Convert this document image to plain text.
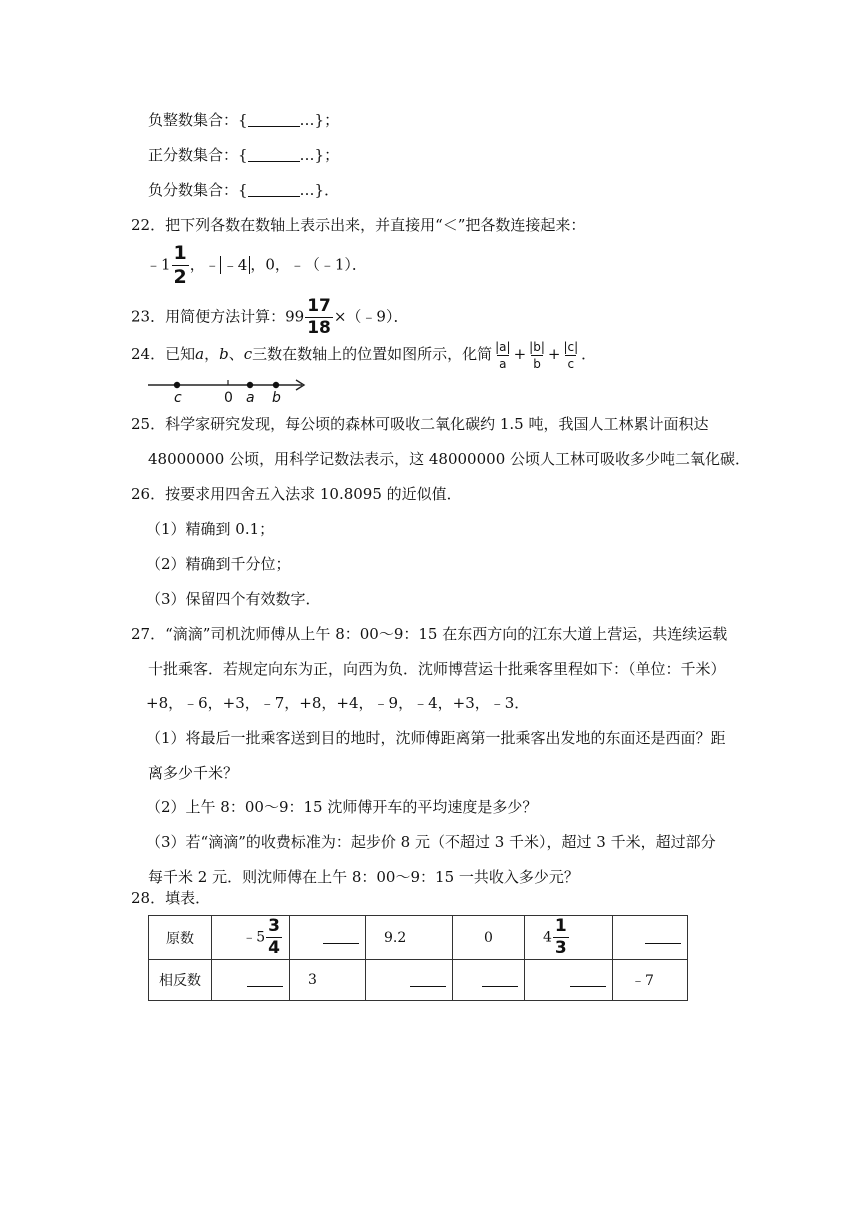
负整数集合：{	…}；
正分数集合：{	…}；
负分数集合：{	…}．
22．把下列各数在数轴上表示出来，并直接用“＜”把各数连接起来：
﹣1 $\frac{1}{2}$ ，﹣ ﹣4 ，0，﹣（﹣1）．
23．用简便方法计算：$99 \frac{17}{18}$ ×（﹣9）．
24．已知a，b、c三数在数轴上的位置如图所示，化简 $\frac{|a|}{a} + \frac{|b|}{b} + \frac{|c|}{c}$ ．
c	0 a b
25．科学家研究发现，每公顷的森林可吸收二氧化碳约 1.5 吨，我国人工林累计面积达
48000000 公顷，用科学记数法表示，这 48000000 公顷人工林可吸收多少吨二氧化碳．
26．按要求用四舍五入法求 10.8095 的近似值．
（1）精确到 0.1；
（2）精确到千分位；
（3）保留四个有效数字．
27．“滴滴”司机沈师傅从上午 8：00～9：15 在东西方向的江东大道上营运，共连续运载
十批乘客．若规定向东为正，向西为负．沈师博营运十批乘客里程如下：（单位：千米）
+8，﹣6，+3，﹣7，+8，+4，﹣9，﹣4，+3，﹣3．
（1）将最后一批乘客送到目的地时，沈师傅距离第一批乘客出发地的东面还是西面？距
离多少千米？
（2）上午 8：00～9：15 沈师傅开车的平均速度是多少？
（3）若“滴滴”的收费标准为：起步价 8 元（不超过 3 千米），超过 3 千米，超过部分
每千米 2 元．则沈师傅在上午 8：00～9：15 一共收入多少元？
28．填表．
原数	﹣5 $\frac{3}{4}$		9.2	0	$4 \frac{1}{3}$

相反数		3				﹣7
